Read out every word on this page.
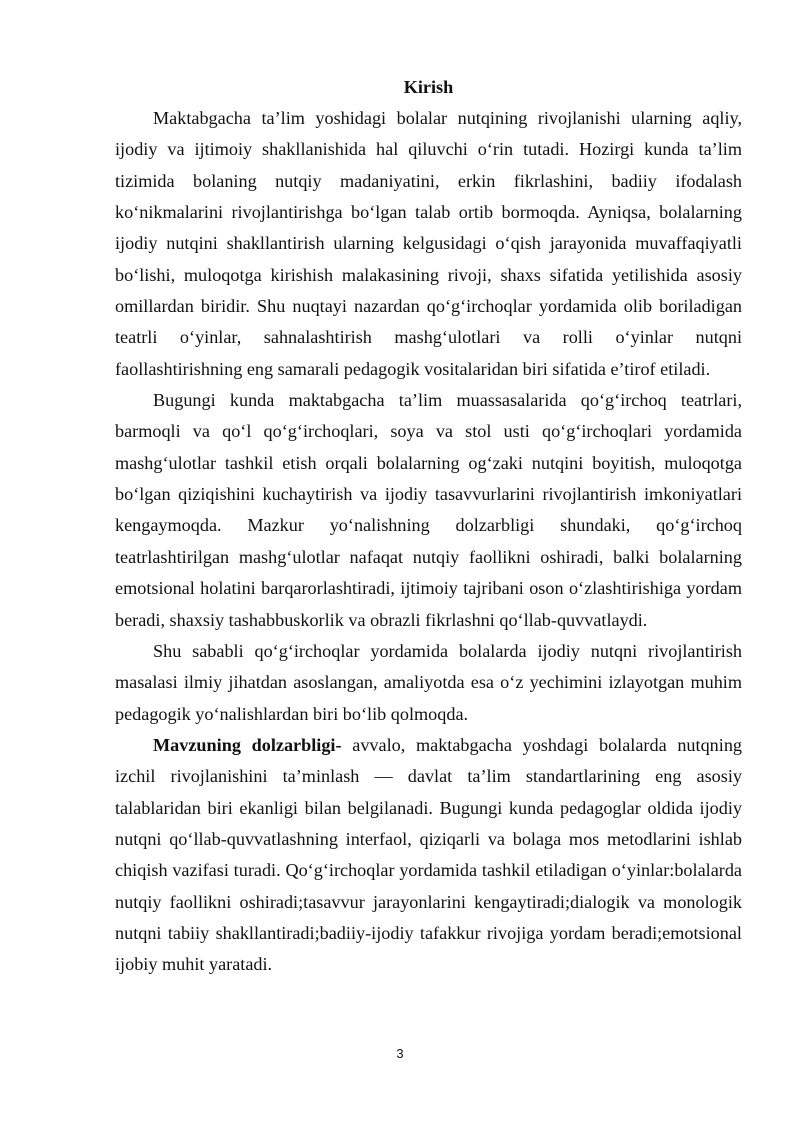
Kirish

Maktabgacha ta’lim yoshidagi bolalar nutqining rivojlanishi ularning aqliy, ijodiy va ijtimoiy shakllanishida hal qiluvchi o‘rin tutadi. Hozirgi kunda ta’lim tizimida bolaning nutqiy madaniyatini, erkin fikrlashini, badiiy ifodalash ko‘nikmalarini rivojlantirishga bo‘lgan talab ortib bormoqda. Ayniqsa, bolalarning ijodiy nutqini shakllantirish ularning kelgusidagi o‘qish jarayonida muvaffaqiyatli bo‘lishi, muloqotga kirishish malakasining rivoji, shaxs sifatida yetilishida asosiy omillardan biridir. Shu nuqtayi nazardan qo‘g‘irchoqlar yordamida olib boriladigan teatrli o‘yinlar, sahnalashtirish mashg‘ulotlari va rolli o‘yinlar nutqni faollashtirishning eng samarali pedagogik vositalaridan biri sifatida e’tirof etiladi.

Bugungi kunda maktabgacha ta’lim muassasalarida qo‘g‘irchoq teatrlari, barmoqli va qo‘l qo‘g‘irchoqlari, soya va stol usti qo‘g‘irchoqlari yordamida mashg‘ulotlar tashkil etish orqali bolalarning og‘zaki nutqini boyitish, muloqotga bo‘lgan qiziqishini kuchaytirish va ijodiy tasavvurlarini rivojlantirish imkoniyatlari kengaymoqda. Mazkur yo‘nalishning dolzarbligi shundaki, qo‘g‘irchoq teatrlashtirilgan mashg‘ulotlar nafaqat nutqiy faollikni oshiradi, balki bolalarning emotsional holatini barqarorlashtiradi, ijtimoiy tajribani oson o‘zlashtirishiga yordam beradi, shaxsiy tashabbuskorlik va obrazli fikrlashni qo‘llab-quvvatlaydi.

Shu sababli qo‘g‘irchoqlar yordamida bolalarda ijodiy nutqni rivojlantirish masalasi ilmiy jihatdan asoslangan, amaliyotda esa o‘z yechimini izlayotgan muhim pedagogik yo‘nalishlardan biri bo‘lib qolmoqda.

Mavzuning dolzarbligi- avvalo, maktabgacha yoshdagi bolalarda nutqning izchil rivojlanishini ta’minlash — davlat ta’lim standartlarining eng asosiy talablaridan biri ekanligi bilan belgilanadi. Bugungi kunda pedagoglar oldida ijodiy nutqni qo‘llab-quvvatlashning interfaol, qiziqarli va bolaga mos metodlarini ishlab chiqish vazifasi turadi. Qo‘g‘irchoqlar yordamida tashkil etiladigan o‘yinlar:bolalarda nutqiy faollikni oshiradi;tasavvur jarayonlarini kengaytiradi;dialogik va monologik nutqni tabiiy shakllantiradi;badiiy-ijodiy tafakkur rivojiga yordam beradi;emotsional ijobiy muhit yaratadi.

3
